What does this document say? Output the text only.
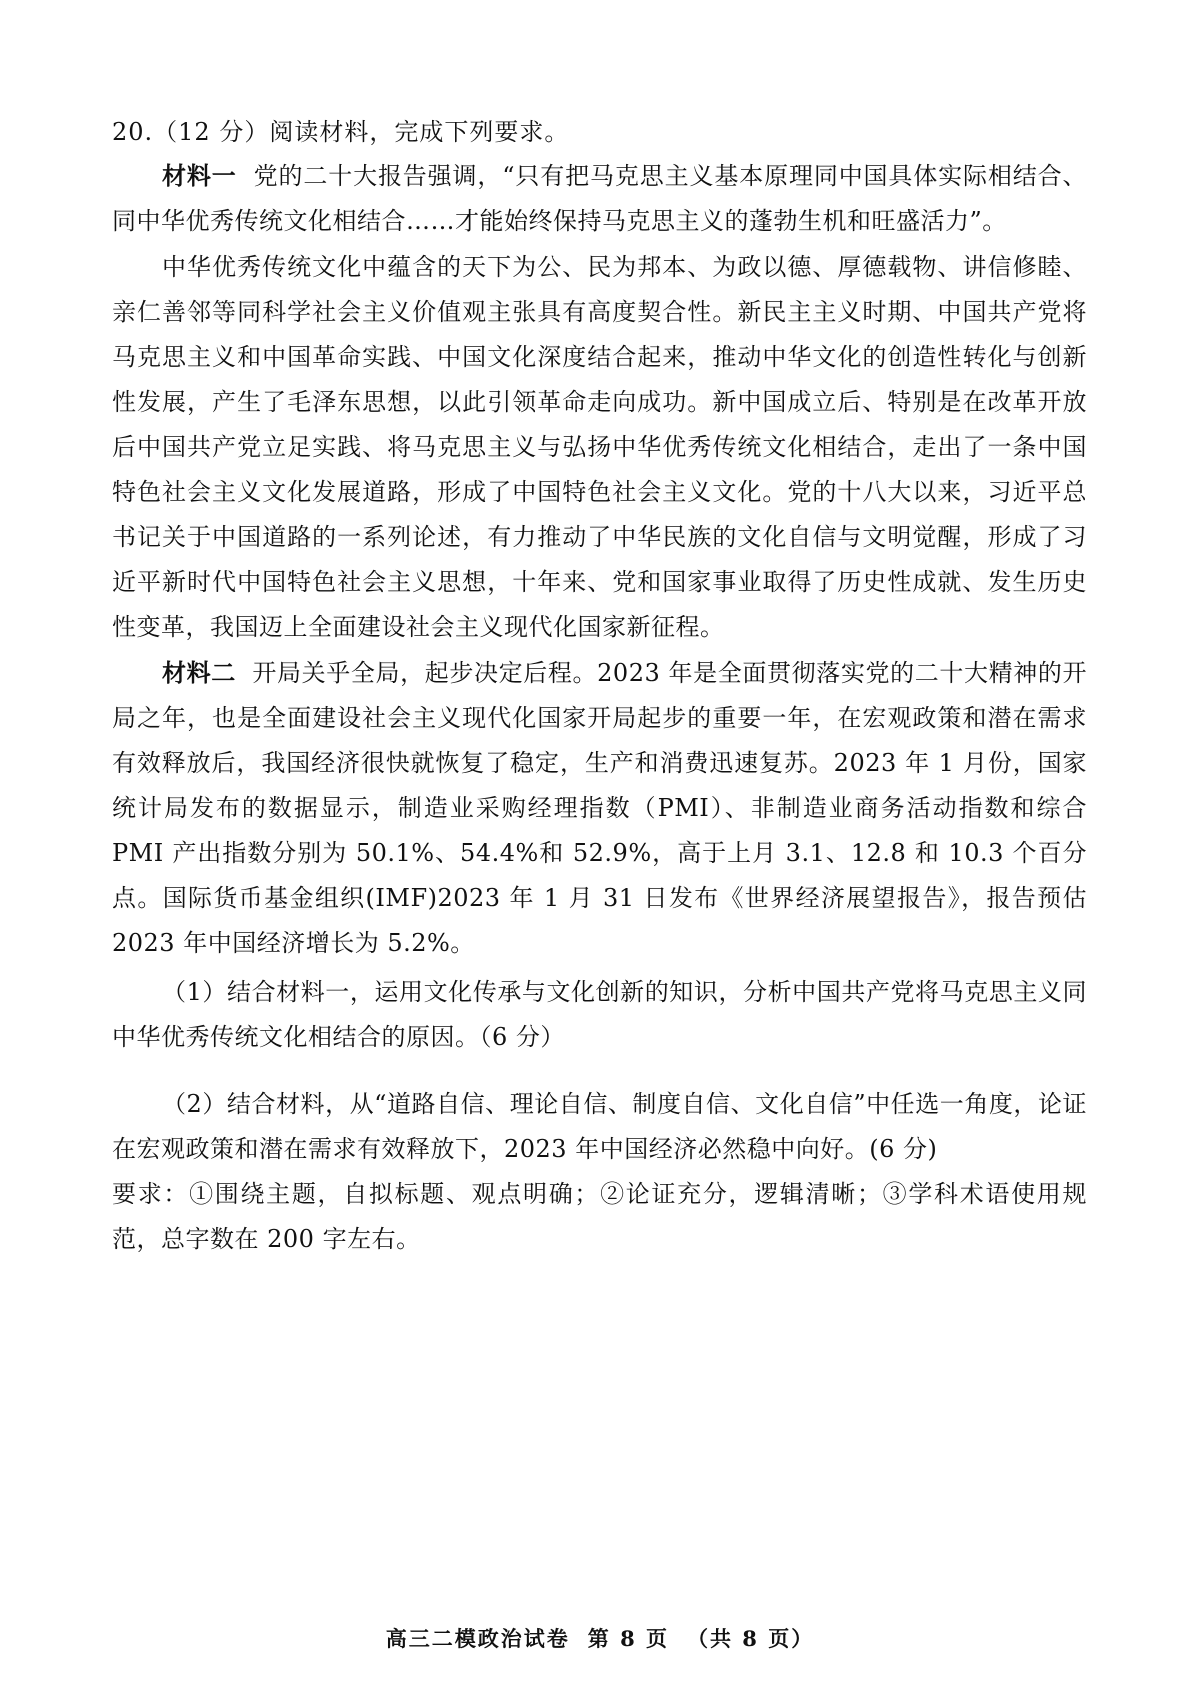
20.（12 分）阅读材料，完成下列要求。
材料一 党的二十大报告强调，“只有把马克思主义基本原理同中国具体实际相结合、同中华优秀传统文化相结合……才能始终保持马克思主义的蓬勃生机和旺盛活力”。
中华优秀传统文化中蕴含的天下为公、民为邦本、为政以德、厚德载物、讲信修睦、亲仁善邻等同科学社会主义价值观主张具有高度契合性。新民主主义时期、中国共产党将马克思主义和中国革命实践、中国文化深度结合起来，推动中华文化的创造性转化与创新性发展，产生了毛泽东思想，以此引领革命走向成功。新中国成立后、特别是在改革开放后中国共产党立足实践、将马克思主义与弘扬中华优秀传统文化相结合，走出了一条中国特色社会主义文化发展道路，形成了中国特色社会主义文化。党的十八大以来，习近平总书记关于中国道路的一系列论述，有力推动了中华民族的文化自信与文明觉醒，形成了习近平新时代中国特色社会主义思想，十年来、党和国家事业取得了历史性成就、发生历史性变革，我国迈上全面建设社会主义现代化国家新征程。
材料二 开局关乎全局，起步决定后程。2023 年是全面贯彻落实党的二十大精神的开局之年，也是全面建设社会主义现代化国家开局起步的重要一年，在宏观政策和潜在需求有效释放后，我国经济很快就恢复了稳定，生产和消费迅速复苏。2023 年 1 月份，国家统计局发布的数据显示，制造业采购经理指数（PMI）、非制造业商务活动指数和综合 PMI 产出指数分别为 50.1%、54.4%和 52.9%，高于上月 3.1、12.8 和 10.3 个百分点。国际货币基金组织(IMF)2023 年 1 月 31 日发布《世界经济展望报告》，报告预估 2023 年中国经济增长为 5.2%。
（1）结合材料一，运用文化传承与文化创新的知识，分析中国共产党将马克思主义同中华优秀传统文化相结合的原因。（6 分）
（2）结合材料，从“道路自信、理论自信、制度自信、文化自信”中任选一角度，论证在宏观政策和潜在需求有效释放下，2023 年中国经济必然稳中向好。(6 分)
要求：①围绕主题，自拟标题、观点明确；②论证充分，逻辑清晰；③学科术语使用规范，总字数在 200 字左右。
高三二模政治试卷 第 8 页 （共 8 页）
